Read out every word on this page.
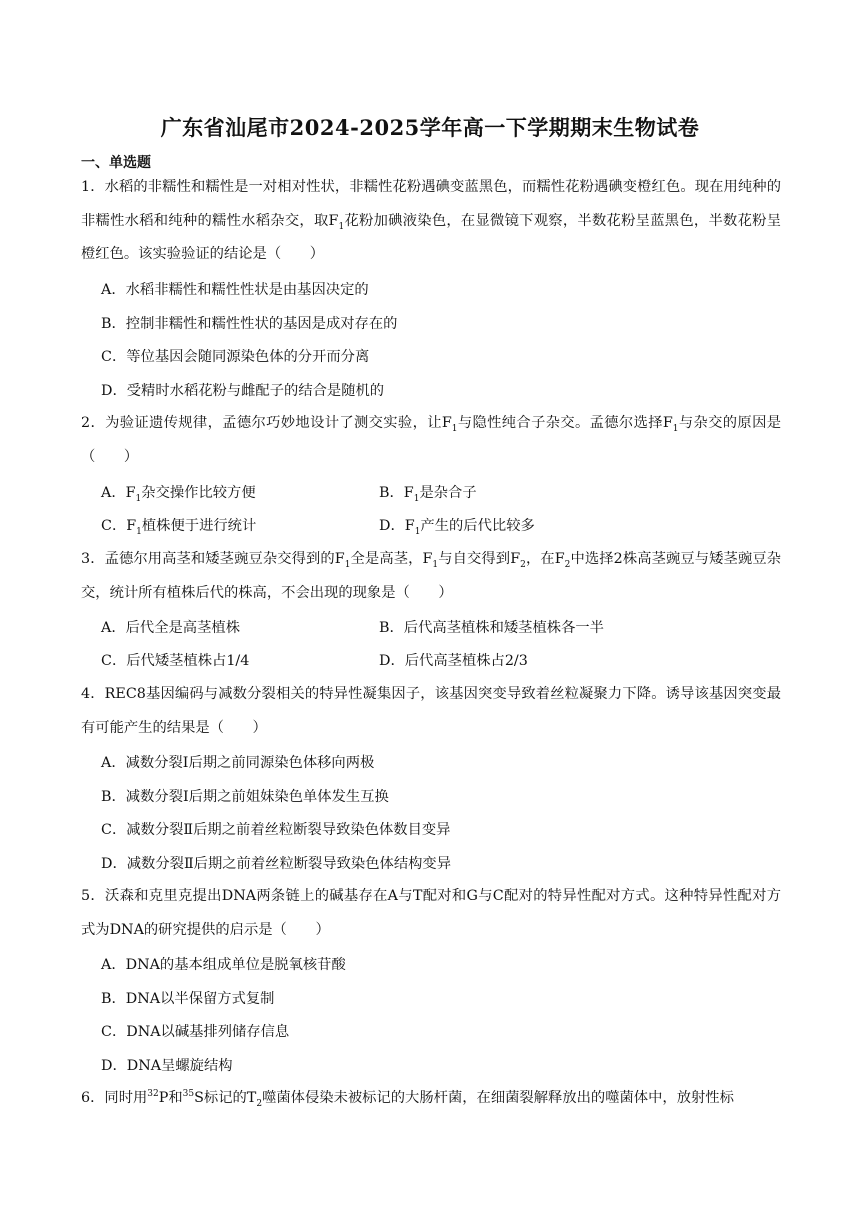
广东省汕尾市2024-2025学年高一下学期期末生物试卷
一、单选题
1．水稻的非糯性和糯性是一对相对性状，非糯性花粉遇碘变蓝黑色，而糯性花粉遇碘变橙红色。现在用纯种的非糯性水稻和纯种的糯性水稻杂交，取$F_1$花粉加碘液染色，在显微镜下观察，半数花粉呈蓝黑色，半数花粉呈橙红色。该实验验证的结论是（　　）
A．水稻非糯性和糯性性状是由基因决定的
B．控制非糯性和糯性性状的基因是成对存在的
C．等位基因会随同源染色体的分开而分离
D．受精时水稻花粉与雌配子的结合是随机的
2．为验证遗传规律，孟德尔巧妙地设计了测交实验，让$F_1$与隐性纯合子杂交。孟德尔选择$F_1$与杂交的原因是（　　）
A．$F_1$杂交操作比较方便	B．$F_1$是杂合子
C．$F_1$植株便于进行统计	D．$F_1$产生的后代比较多
3．孟德尔用高茎和矮茎豌豆杂交得到的$F_1$全是高茎，$F_1$与自交得到$F_2$，在$F_2$中选择2株高茎豌豆与矮茎豌豆杂交，统计所有植株后代的株高，不会出现的现象是（　　）
A．后代全是高茎植株	B．后代高茎植株和矮茎植株各一半
C．后代矮茎植株占1/4	D．后代高茎植株占2/3
4．REC8基因编码与减数分裂相关的特异性凝集因子，该基因突变导致着丝粒凝聚力下降。诱导该基因突变最有可能产生的结果是（　　）
A．减数分裂Ⅰ后期之前同源染色体移向两极
B．减数分裂Ⅰ后期之前姐妹染色单体发生互换
C．减数分裂Ⅱ后期之前着丝粒断裂导致染色体数目变异
D．减数分裂Ⅱ后期之前着丝粒断裂导致染色体结构变异
5．沃森和克里克提出DNA两条链上的碱基存在A与T配对和G与C配对的特异性配对方式。这种特异性配对方式为DNA的研究提供的启示是（　　）
A．DNA的基本组成单位是脱氧核苷酸
B．DNA以半保留方式复制
C．DNA以碱基排列储存信息
D．DNA呈螺旋结构
6．同时用$^{32}$P和$^{35}$S标记的$T_2$噬菌体侵染未被标记的大肠杆菌，在细菌裂解释放出的噬菌体中，放射性标
